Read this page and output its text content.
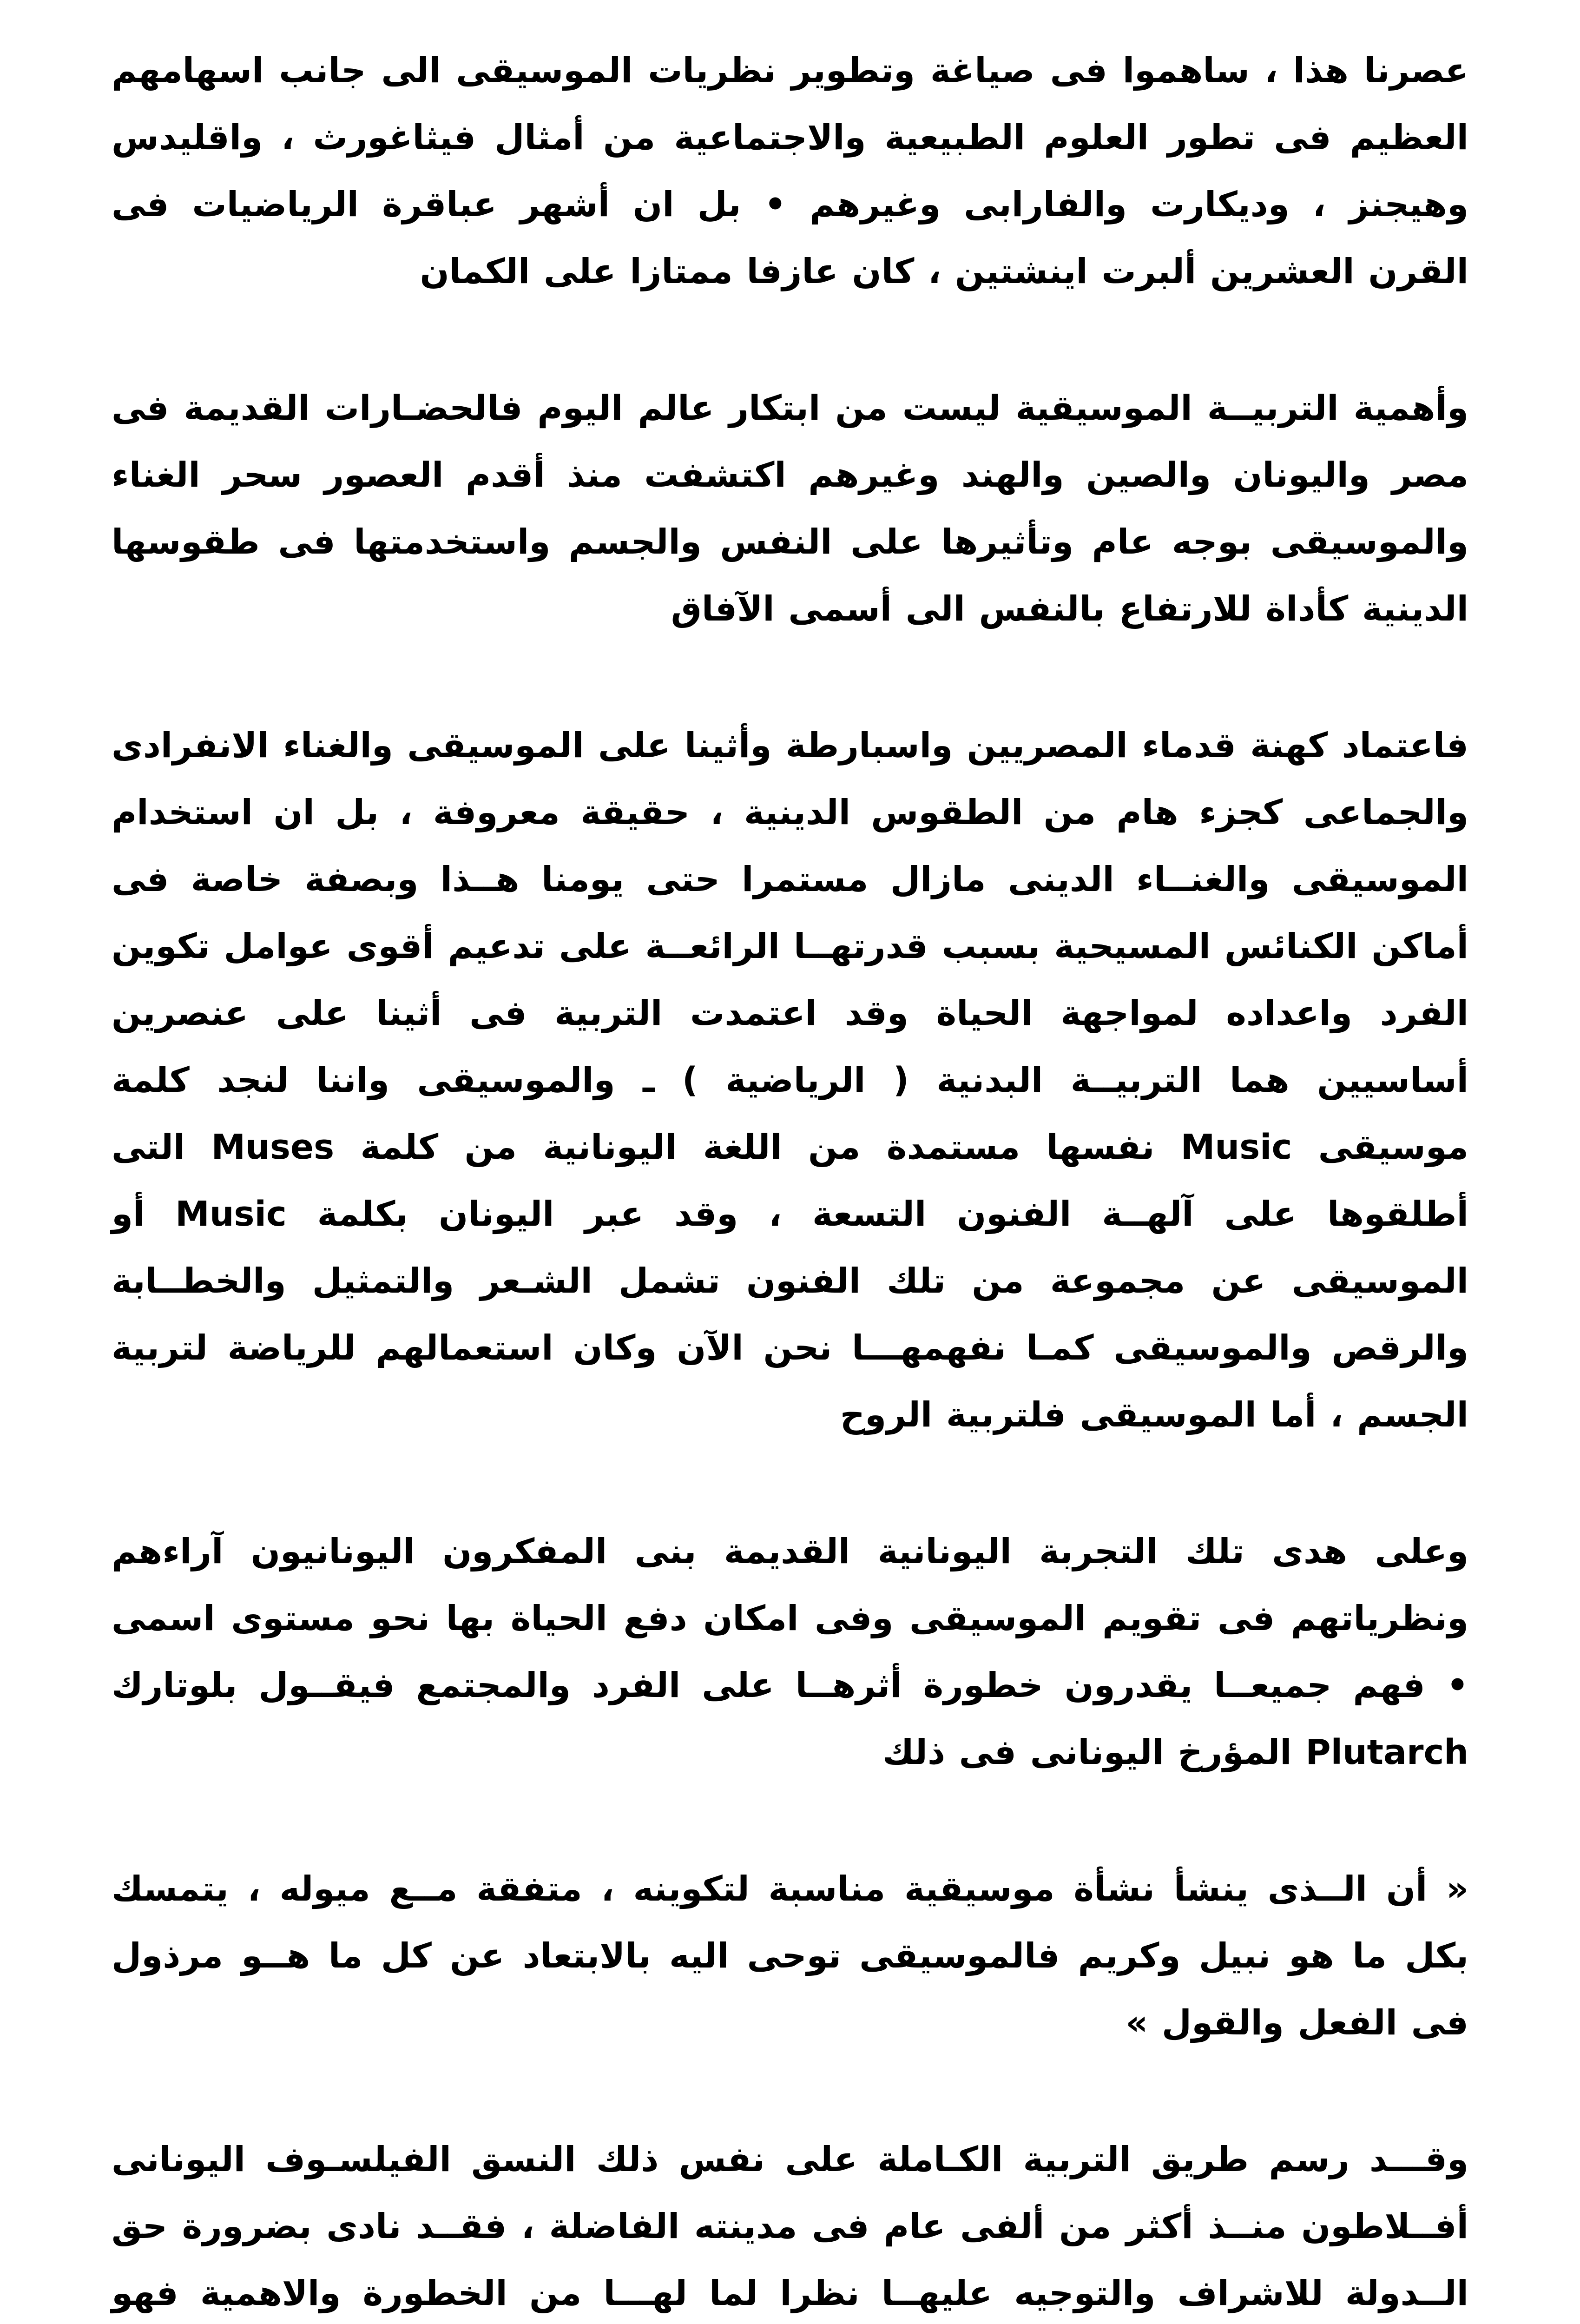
عصرنا هذا ، ساهموا فى صياغة وتطوير نظريات الموسيقى الى جانب اسهامهم العظيم فى تطور العلوم الطبيعية والاجتماعية من أمثال فيثاغورث ، واقليدس وهيجنز ، وديكارت والفارابى وغيرهم • بل ان أشهر عباقرة الرياضيات فى القرن العشرين ألبرت اينشتين ، كان عازفا ممتازا على الكمان

وأهمية التربيــة الموسيقية ليست من ابتكار عالم اليوم فالحضـارات القديمة فى مصر واليونان والصين والهند وغيرهم اكتشفت منذ أقدم العصور سحر الغناء والموسيقى بوجه عام وتأثيرها على النفس والجسم واستخدمتها فى طقوسها الدينية كأداة للارتفاع بالنفس الى أسمى الآفاق

فاعتماد كهنة قدماء المصريين واسبارطة وأثينا على الموسيقى والغناء الانفرادى والجماعى كجزء هام من الطقوس الدينية ، حقيقة معروفة ، بل ان استخدام الموسيقى والغنــاء الدينى مازال مستمرا حتى يومنا هــذا وبصفة خاصة فى أماكن الكنائس المسيحية بسبب قدرتهــا الرائعــة على تدعيم أقوى عوامل تكوين الفرد واعداده لمواجهة الحياة وقد اعتمدت التربية فى أثينا على عنصرين أساسيين هما التربيــة البدنية ( الرياضية ) ـ والموسيقى واننا لنجد كلمة موسيقى Music نفسها مستمدة من اللغة اليونانية من كلمة Muses التى أطلقوها على آلهــة الفنون التسعة ، وقد عبر اليونان بكلمة Music أو الموسيقى عن مجموعة من تلك الفنون تشمل الشـعر والتمثيل والخطــابة والرقص والموسيقى كمـا نفهمهـــا نحن الآن وكان استعمالهم للرياضة لتربية الجسم ، أما الموسيقى فلتربية الروح

وعلى هدى تلك التجربة اليونانية القديمة بنى المفكرون اليونانيون آراءهم ونظرياتهم فى تقويم الموسيقى وفى امكان دفع الحياة بها نحو مستوى اسمى • فهم جميعــا يقدرون خطورة أثرهــا على الفرد والمجتمع فيقــول بلوتارك Plutarch المؤرخ اليونانى فى ذلك

« أن الــذى ينشأ نشأة موسيقية مناسبة لتكوينه ، متفقة مــع ميوله ، يتمسك بكل ما هو نبيل وكريم فالموسيقى توحى اليه بالابتعاد عن كل ما هــو مرذول فى الفعل والقول »

وقـــد رسم طريق التربية الكـاملة على نفس ذلك النسق الفيلسـوف اليونانى أفــلاطون منــذ أكثر من ألفى عام فى مدينته الفاضلة ، فقــد نادى بضرورة حق الــدولة للاشراف والتوجيه عليهــا نظرا لما لهـــا من الخطورة والاهمية فهو
